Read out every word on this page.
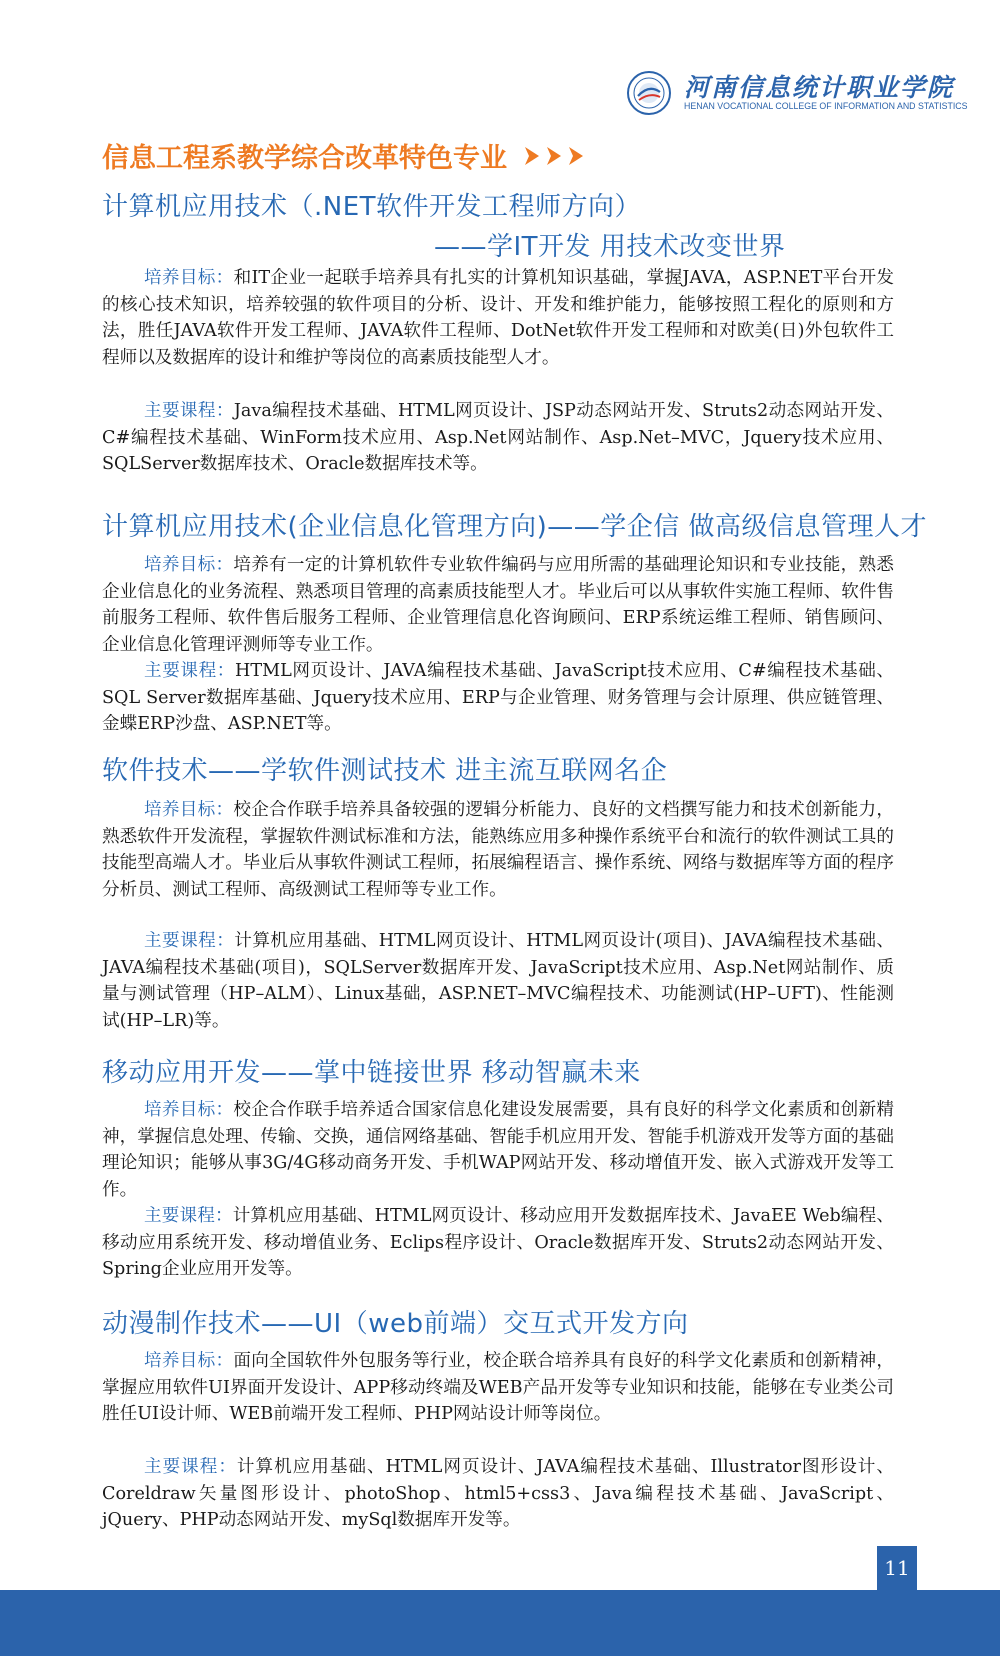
河南信息统计职业学院
HENAN VOCATIONAL COLLEGE OF INFORMATION AND STATISTICS
信息工程系教学综合改革特色专业
计算机应用技术（.NET软件开发工程师方向）
——学IT开发 用技术改变世界

培养目标：和IT企业一起联手培养具有扎实的计算机知识基础，掌握JAVA，ASP.NET平台开发的核心技术知识，培养较强的软件项目的分析、设计、开发和维护能力，能够按照工程化的原则和方法，胜任JAVA软件开发工程师、JAVA软件工程师、DotNet软件开发工程师和对欧美(日)外包软件工程师以及数据库的设计和维护等岗位的高素质技能型人才。

主要课程：Java编程技术基础、HTML网页设计、JSP动态网站开发、Struts2动态网站开发、C#编程技术基础、WinForm技术应用、Asp.Net网站制作、Asp.Net–MVC，Jquery技术应用、SQLServer数据库技术、Oracle数据库技术等。

计算机应用技术(企业信息化管理方向)——学企信 做高级信息管理人才

培养目标：培养有一定的计算机软件专业软件编码与应用所需的基础理论知识和专业技能，熟悉企业信息化的业务流程、熟悉项目管理的高素质技能型人才。毕业后可以从事软件实施工程师、软件售前服务工程师、软件售后服务工程师、企业管理信息化咨询顾问、ERP系统运维工程师、销售顾问、企业信息化管理评测师等专业工作。

主要课程：HTML网页设计、JAVA编程技术基础、JavaScript技术应用、C#编程技术基础、SQL Server数据库基础、Jquery技术应用、ERP与企业管理、财务管理与会计原理、供应链管理、金蝶ERP沙盘、ASP.NET等。

软件技术——学软件测试技术 进主流互联网名企

培养目标：校企合作联手培养具备较强的逻辑分析能力、良好的文档撰写能力和技术创新能力，熟悉软件开发流程，掌握软件测试标准和方法，能熟练应用多种操作系统平台和流行的软件测试工具的技能型高端人才。毕业后从事软件测试工程师，拓展编程语言、操作系统、网络与数据库等方面的程序分析员、测试工程师、高级测试工程师等专业工作。

主要课程：计算机应用基础、HTML网页设计、HTML网页设计(项目)、JAVA编程技术基础、JAVA编程技术基础(项目)，SQLServer数据库开发、JavaScript技术应用、Asp.Net网站制作、质量与测试管理（HP–ALM）、Linux基础，ASP.NET–MVC编程技术、功能测试(HP–UFT)、性能测试(HP–LR)等。

移动应用开发——掌中链接世界 移动智赢未来

培养目标：校企合作联手培养适合国家信息化建设发展需要，具有良好的科学文化素质和创新精神，掌握信息处理、传输、交换，通信网络基础、智能手机应用开发、智能手机游戏开发等方面的基础理论知识；能够从事3G/4G移动商务开发、手机WAP网站开发、移动增值开发、嵌入式游戏开发等工作。

主要课程：计算机应用基础、HTML网页设计、移动应用开发数据库技术、JavaEE Web编程、移动应用系统开发、移动增值业务、Eclips程序设计、Oracle数据库开发、Struts2动态网站开发、Spring企业应用开发等。

动漫制作技术——UI（web前端）交互式开发方向

培养目标：面向全国软件外包服务等行业，校企联合培养具有良好的科学文化素质和创新精神，掌握应用软件UI界面开发设计、APP移动终端及WEB产品开发等专业知识和技能，能够在专业类公司胜任UI设计师、WEB前端开发工程师、PHP网站设计师等岗位。

主要课程：计算机应用基础、HTML网页设计、JAVA编程技术基础、Illustrator图形设计、Coreldraw矢量图形设计、photoShop、html5+css3、Java编程技术基础、JavaScript、jQuery、PHP动态网站开发、mySql数据库开发等。

11
